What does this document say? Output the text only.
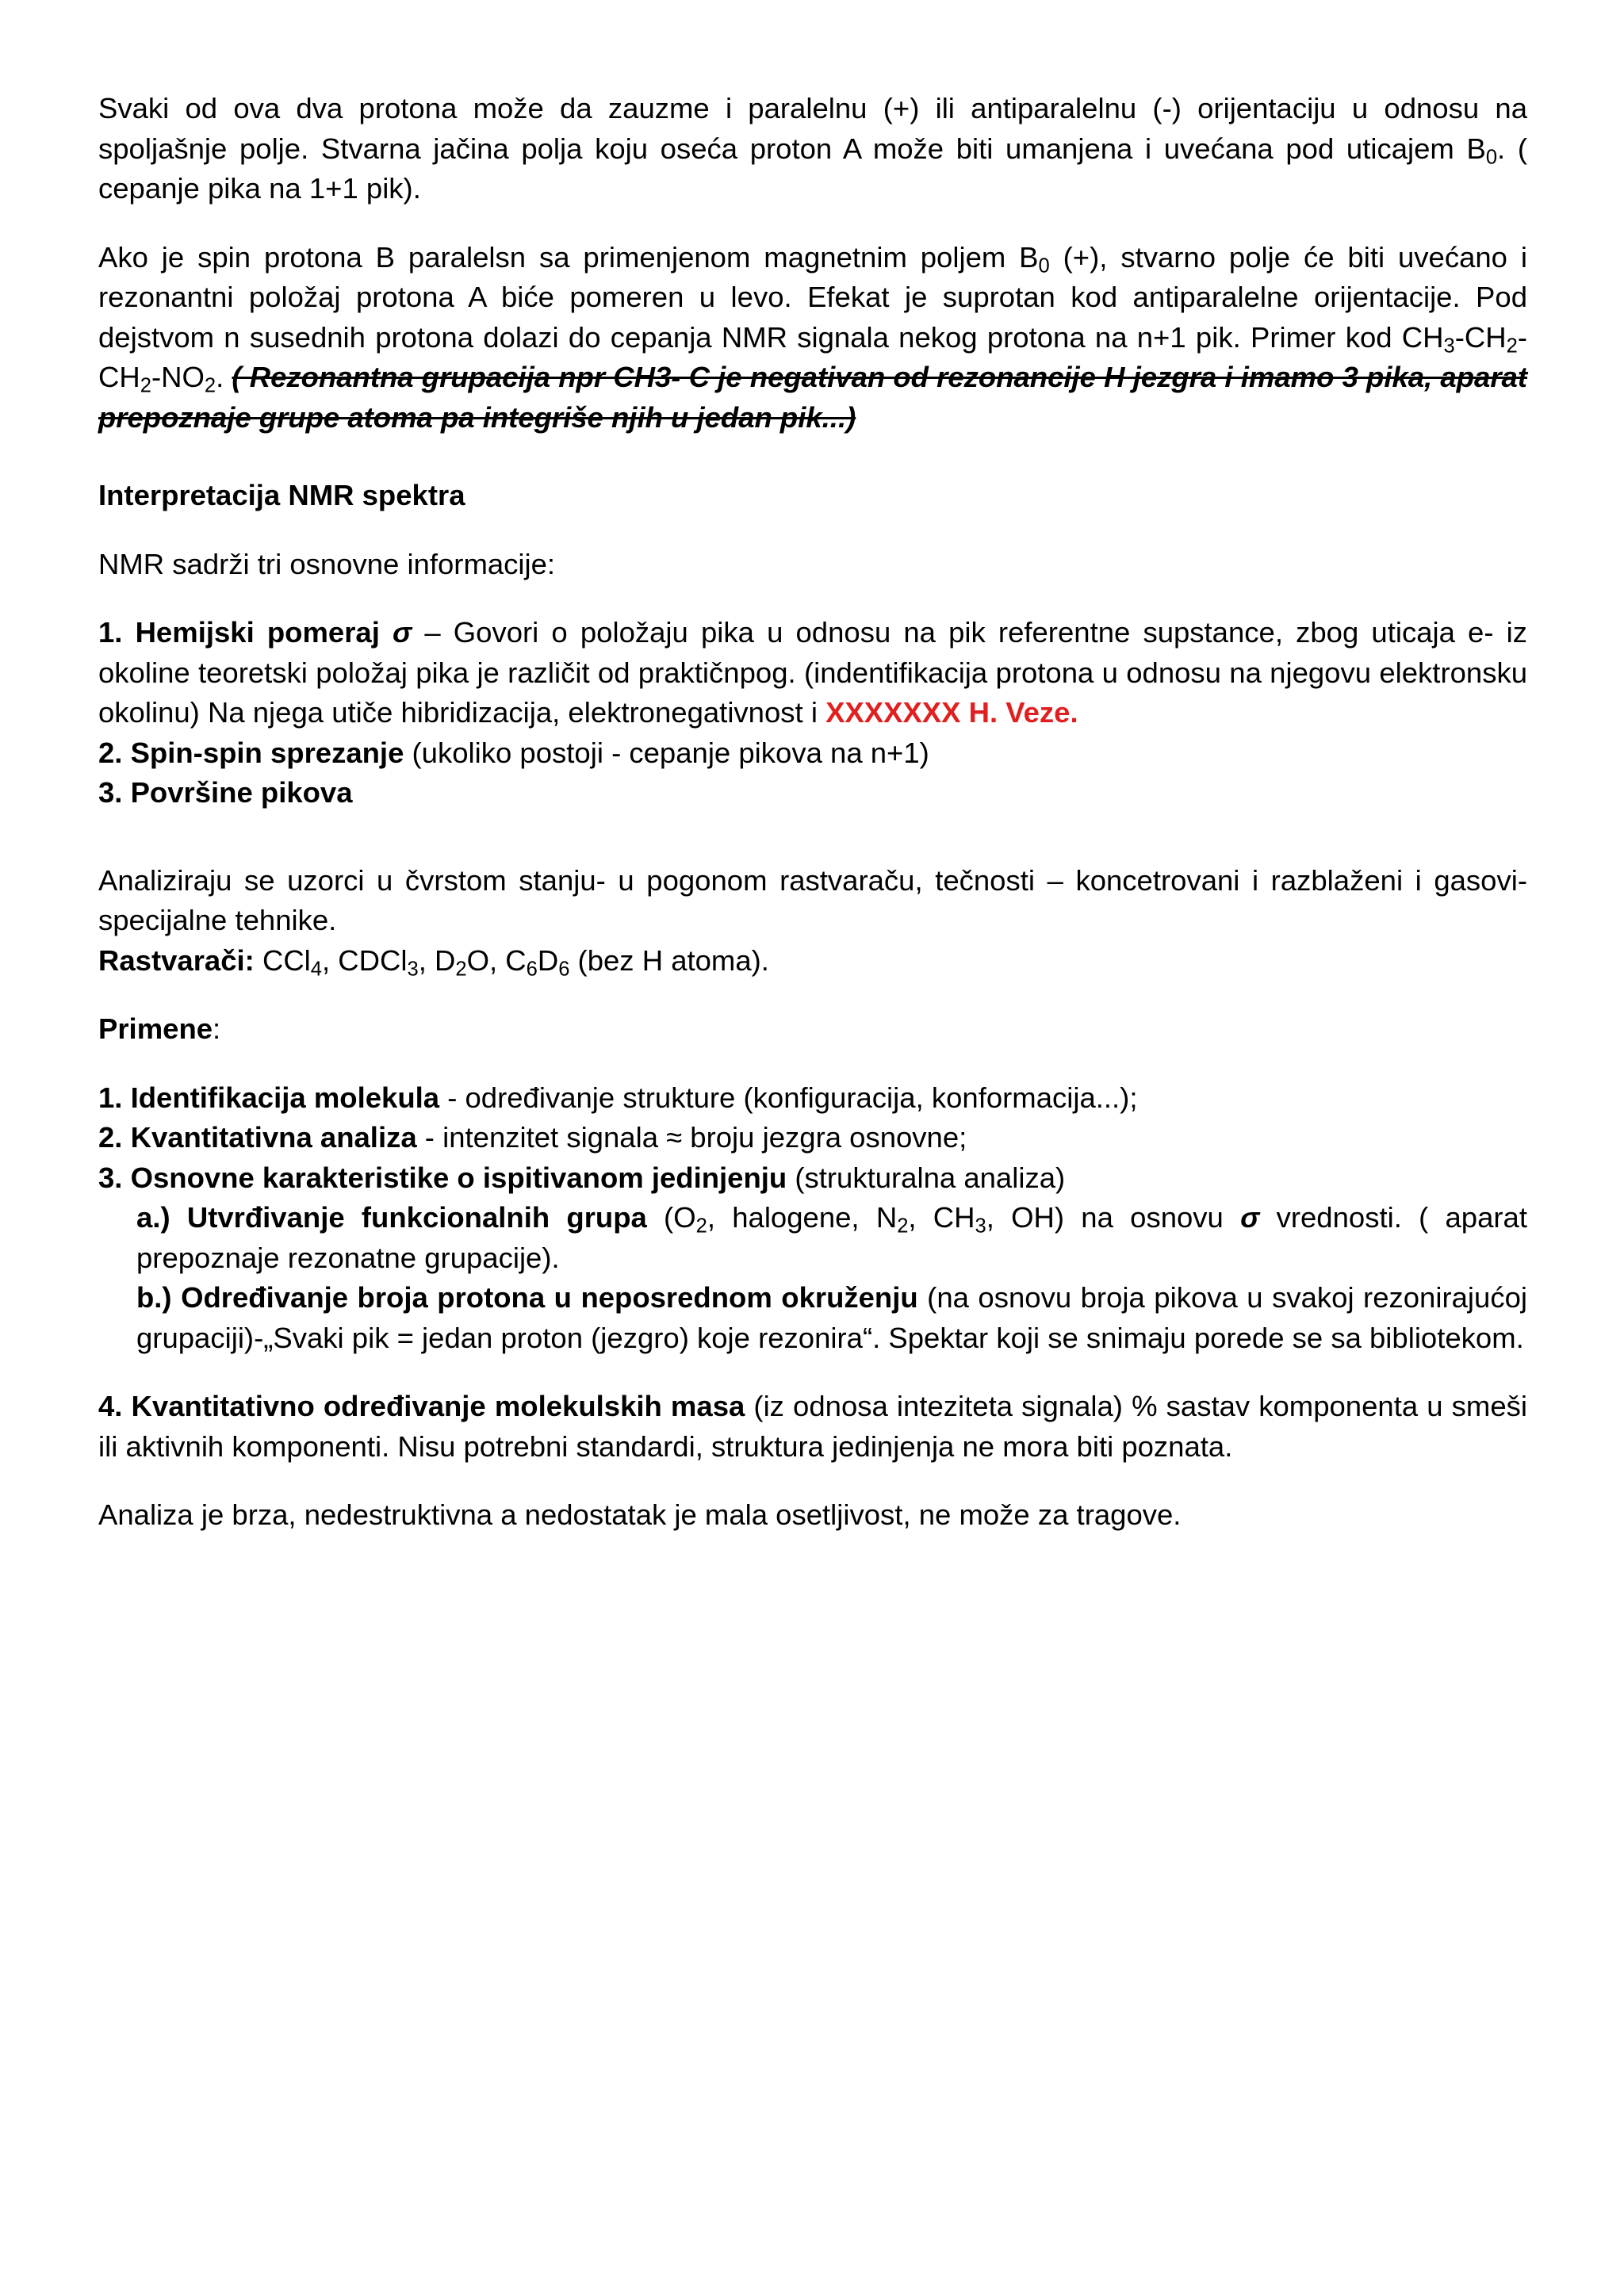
Svaki od ova dva protona može da zauzme i paralelnu (+) ili antiparalelnu (-) orijentaciju u odnosu na spoljašnje polje. Stvarna jačina polja koju oseća proton A može biti umanjena i uvećana pod uticajem $B_0$. ( cepanje pika na 1+1 pik).

Ako je spin protona B paralelsn sa primenjenom magnetnim poljem $B_0$ (+), stvarno polje će biti uvećano i rezonantni položaj protona A biće pomeren u levo. Efekat je suprotan kod antiparalelne orijentacije. Pod dejstvom n susednih protona dolazi do cepanja NMR signala nekog protona na n+1 pik. Primer kod $CH_3-CH_2-CH_2-NO_2$. ( Rezonantna grupacija npr CH3- C je negativan od rezonancije H jezgra i imamo 3 pika, aparat prepoznaje grupe atoma pa integriše njih u jedan pik...)

Interpretacija NMR spektra

NMR sadrži tri osnovne informacije:

1. Hemijski pomeraj σ – Govori o položaju pika u odnosu na pik referentne supstance, zbog uticaja e- iz okoline teoretski položaj pika je različit od praktičnpog. (indentifikacija protona u odnosu na njegovu elektronsku okolinu) Na njega utiče hibridizacija, elektronegativnost i XXXXXXX H. Veze.

2. Spin-spin sprezanje (ukoliko postoji - cepanje pikova na n+1)

3. Površine pikova

Analiziraju se uzorci u čvrstom stanju- u pogonom rastvaraču, tečnosti – koncetrovani i razblaženi i gasovi-specijalne tehnike.

Rastvarači: CCl$_4$, CDCl$_3$, $D_2O$, $C_6D_6$ (bez H atoma).

Primene:

1. Identifikacija molekula - određivanje strukture (konfiguracija, konformacija...);

2. Kvantitativna analiza - intenzitet signala ≈ broju jezgra osnovne;

3. Osnovne karakteristike o ispitivanom jedinjenju (strukturalna analiza)

a.) Utvrđivanje funkcionalnih grupa ($O_2$, halogene, $N_2$, $CH_3$, OH) na osnovu σ vrednosti. ( aparat prepoznaje rezonatne grupacije).

b.) Određivanje broja protona u neposrednom okruženju (na osnovu broja pikova u svakoj rezonirajućoj grupaciji)-„Svaki pik = jedan proton (jezgro) koje rezonira“. Spektar koji se snimaju porede se sa bibliotekom.

4. Kvantitativno određivanje molekulskih masa (iz odnosa inteziteta signala) % sastav komponenta u smeši ili aktivnih komponenti. Nisu potrebni standardi, struktura jedinjenja ne mora biti poznata.

Analiza je brza, nedestruktivna a nedostatak je mala osetljivost, ne može za tragove.
